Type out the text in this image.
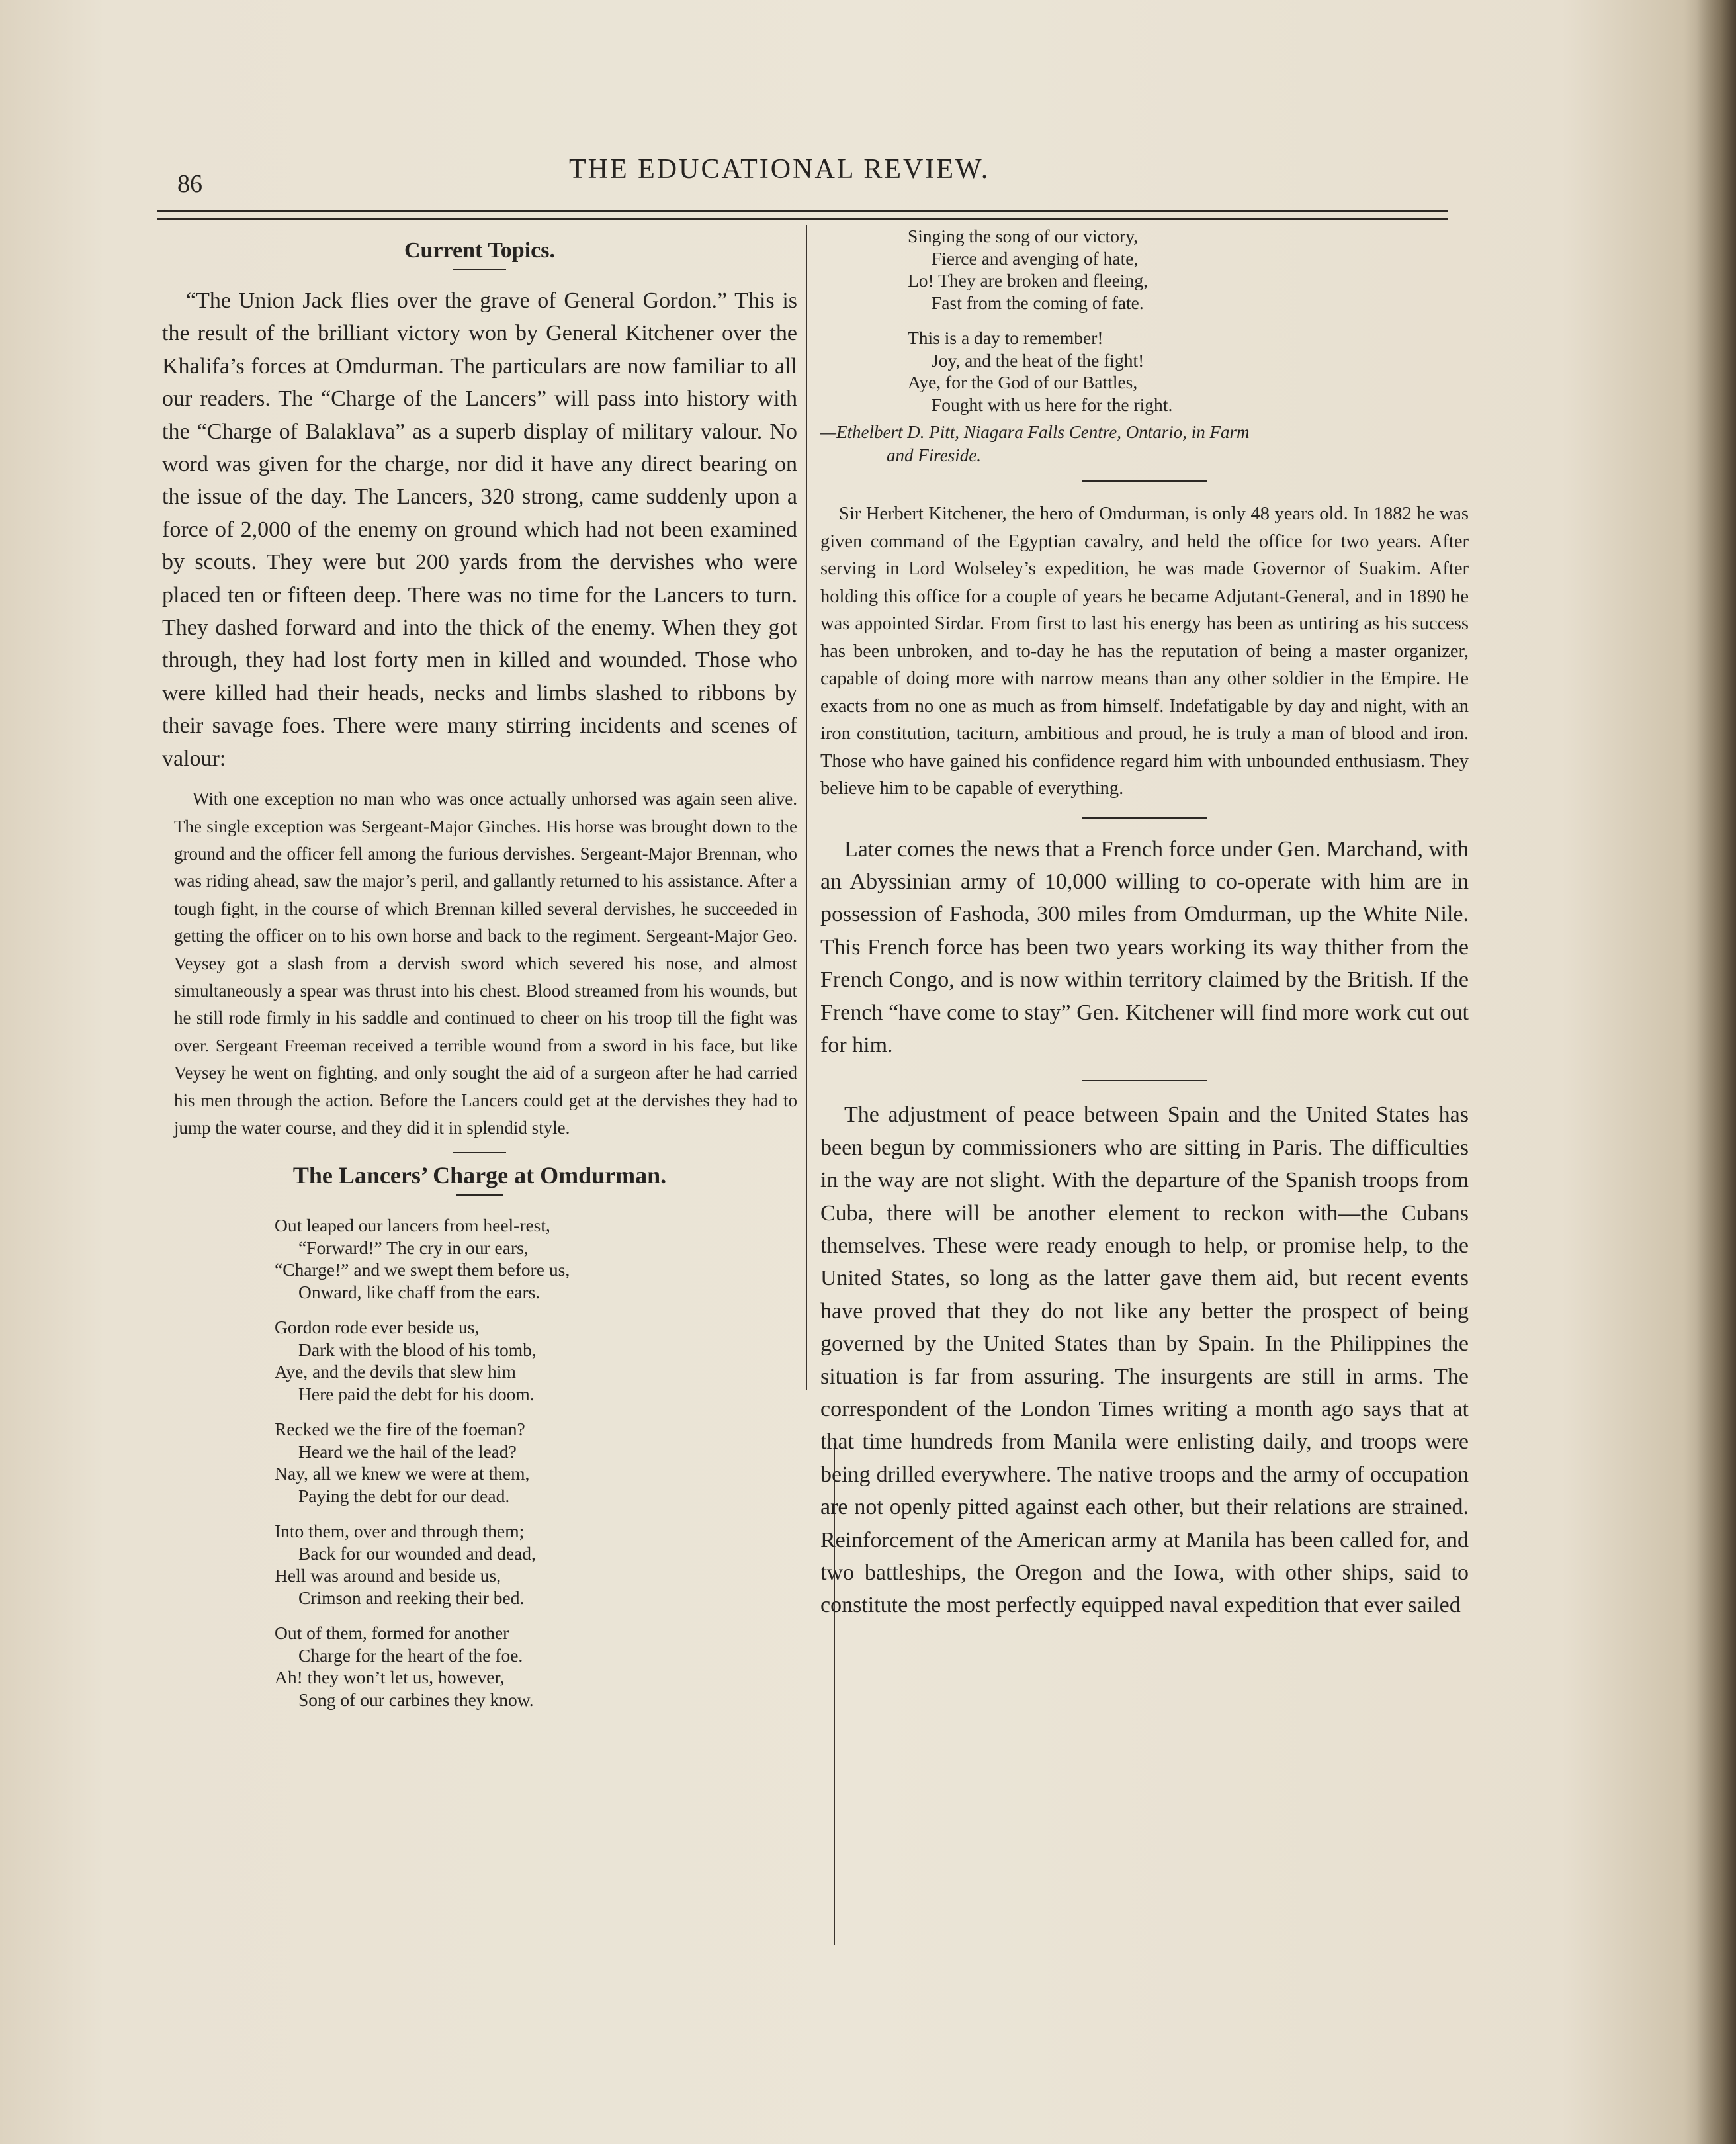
86	THE EDUCATIONAL REVIEW.
Current Topics.

“The Union Jack flies over the grave of General Gordon.” This is the result of the brilliant victory won by General Kitchener over the Khalifa’s forces at Omdurman. The particulars are now familiar to all our readers. The “Charge of the Lancers” will pass into history with the “Charge of Balaklava” as a superb display of military valour. No word was given for the charge, nor did it have any direct bearing on the issue of the day. The Lancers, 320 strong, came suddenly upon a force of 2,000 of the enemy on ground which had not been examined by scouts. They were but 200 yards from the dervishes who were placed ten or fifteen deep. There was no time for the Lancers to turn. They dashed forward and into the thick of the enemy. When they got through, they had lost forty men in killed and wounded. Those who were killed had their heads, necks and limbs slashed to ribbons by their savage foes. There were many stirring incidents and scenes of valour:

With one exception no man who was once actually unhorsed was again seen alive. The single exception was Sergeant-Major Ginches. His horse was brought down to the ground and the officer fell among the furious dervishes. Sergeant-Major Brennan, who was riding ahead, saw the major’s peril, and gallantly returned to his assistance. After a tough fight, in the course of which Brennan killed several dervishes, he succeeded in getting the officer on to his own horse and back to the regiment. Sergeant-Major Geo. Veysey got a slash from a dervish sword which severed his nose, and almost simultaneously a spear was thrust into his chest. Blood streamed from his wounds, but he still rode firmly in his saddle and continued to cheer on his troop till the fight was over. Sergeant Freeman received a terrible wound from a sword in his face, but like Veysey he went on fighting, and only sought the aid of a surgeon after he had carried his men through the action. Before the Lancers could get at the dervishes they had to jump the water course, and they did it in splendid style.

The Lancers’ Charge at Omdurman.
Out leaped our lancers from heel-rest,
“Forward!” The cry in our ears,
“Charge!” and we swept them before us,
Onward, like chaff from the ears.
Gordon rode ever beside us,
Dark with the blood of his tomb,
Aye, and the devils that slew him
Here paid the debt for his doom.
Recked we the fire of the foeman?
Heard we the hail of the lead?
Nay, all we knew we were at them,
Paying the debt for our dead.
Into them, over and through them;
Back for our wounded and dead,
Hell was around and beside us,
Crimson and reeking their bed.
Out of them, formed for another
Charge for the heart of the foe.
Ah! they won’t let us, however,
Song of our carbines they know.
Singing the song of our victory,
Fierce and avenging of hate,
Lo! They are broken and fleeing,
Fast from the coming of fate.
This is a day to remember!
Joy, and the heat of the fight!
Aye, for the God of our Battles,
Fought with us here for the right.
—Ethelbert D. Pitt, Niagara Falls Centre, Ontario, in Farm
and Fireside.

Sir Herbert Kitchener, the hero of Omdurman, is only 48 years old. In 1882 he was given command of the Egyptian cavalry, and held the office for two years. After serving in Lord Wolseley’s expedition, he was made Governor of Suakim. After holding this office for a couple of years he became Adjutant-General, and in 1890 he was appointed Sirdar. From first to last his energy has been as untiring as his success has been unbroken, and to-day he has the reputation of being a master organizer, capable of doing more with narrow means than any other soldier in the Empire. He exacts from no one as much as from himself. Indefatigable by day and night, with an iron constitution, taciturn, ambitious and proud, he is truly a man of blood and iron. Those who have gained his confidence regard him with unbounded enthusiasm. They believe him to be capable of everything.

Later comes the news that a French force under Gen. Marchand, with an Abyssinian army of 10,000 willing to co-operate with him are in possession of Fashoda, 300 miles from Omdurman, up the White Nile. This French force has been two years working its way thither from the French Congo, and is now within territory claimed by the British. If the French “have come to stay” Gen. Kitchener will find more work cut out for him.

The adjustment of peace between Spain and the United States has been begun by commissioners who are sitting in Paris. The difficulties in the way are not slight. With the departure of the Spanish troops from Cuba, there will be another element to reckon with—the Cubans themselves. These were ready enough to help, or promise help, to the United States, so long as the latter gave them aid, but recent events have proved that they do not like any better the prospect of being governed by the United States than by Spain. In the Philippines the situation is far from assuring. The insurgents are still in arms. The correspondent of the London Times writing a month ago says that at that time hundreds from Manila were enlisting daily, and troops were being drilled everywhere. The native troops and the army of occupation are not openly pitted against each other, but their relations are strained. Reinforcement of the American army at Manila has been called for, and two battleships, the Oregon and the Iowa, with other ships, said to constitute the most perfectly equipped naval expedition that ever sailed
